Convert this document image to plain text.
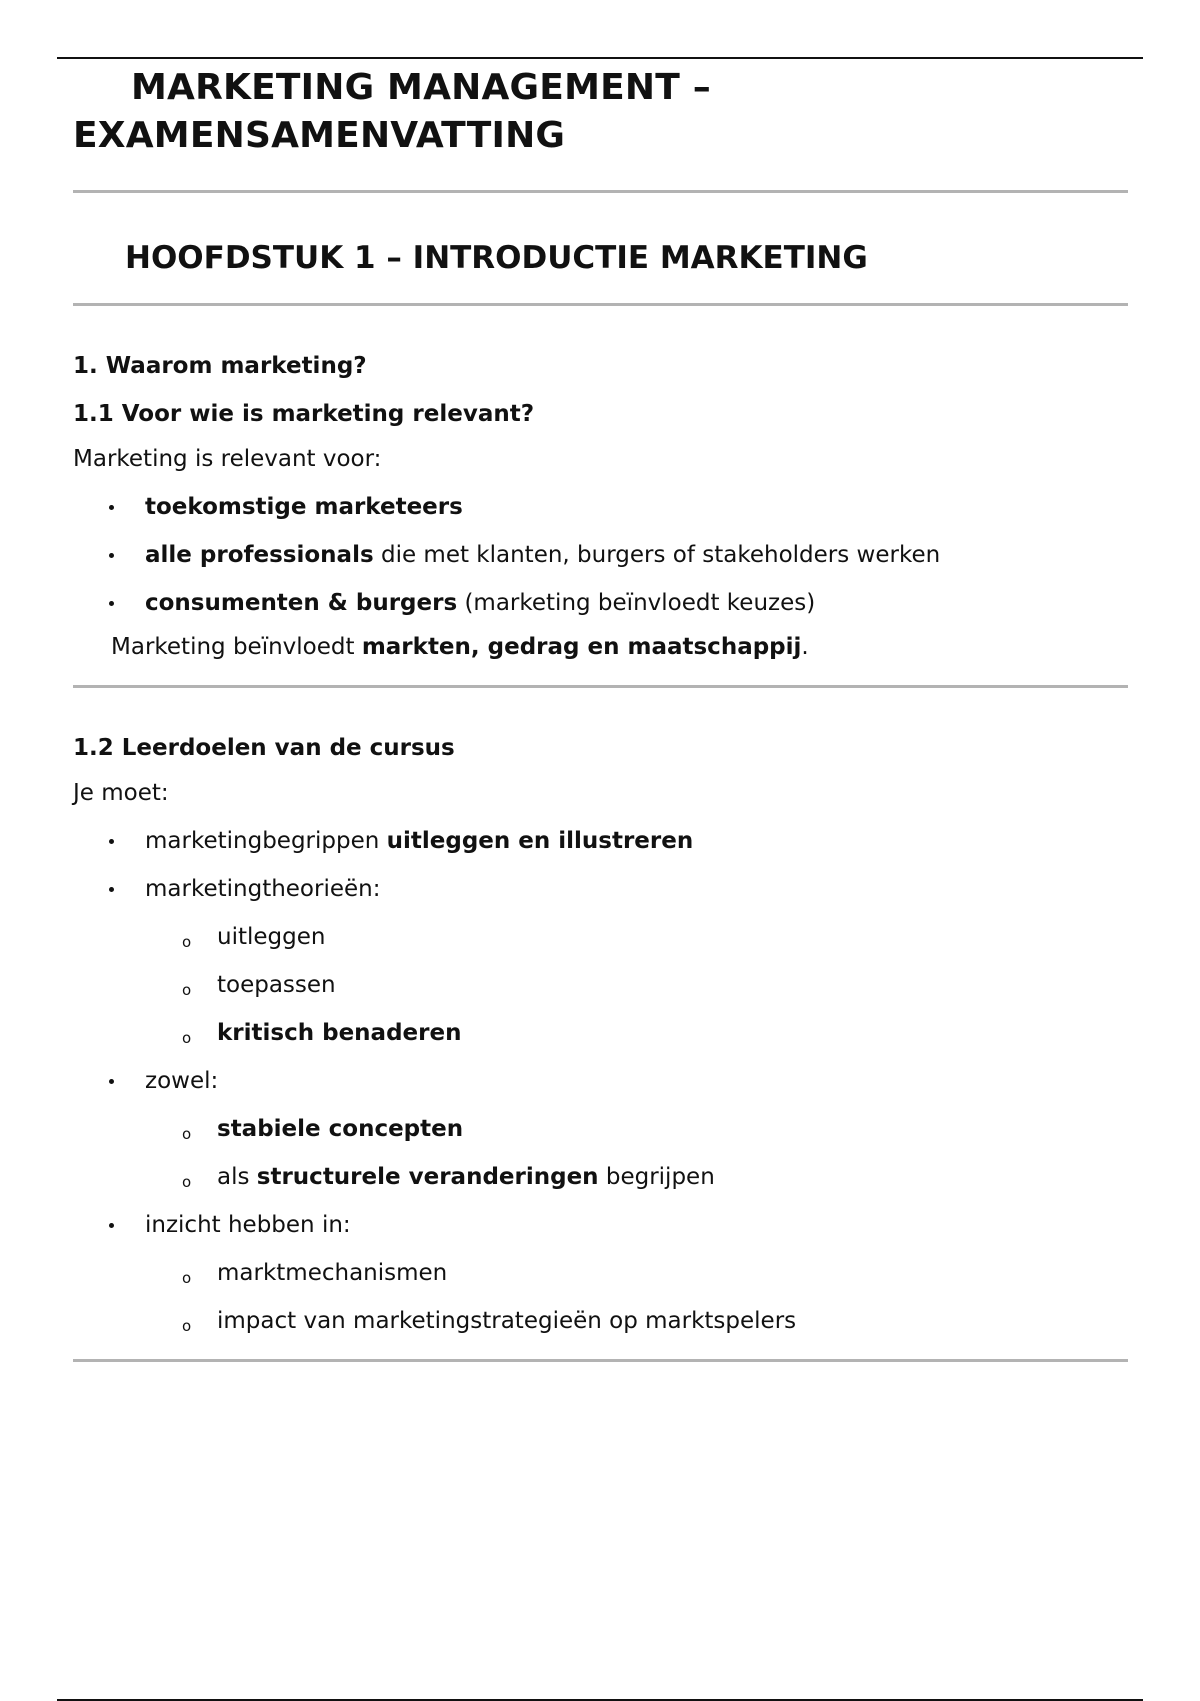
MARKETING MANAGEMENT –
EXAMENSAMENVATTING
HOOFDSTUK 1 – INTRODUCTIE MARKETING
1. Waarom marketing?
1.1 Voor wie is marketing relevant?
Marketing is relevant voor:
toekomstige marketeers
alle professionals die met klanten, burgers of stakeholders werken
consumenten & burgers (marketing beïnvloedt keuzes)
Marketing beïnvloedt markten, gedrag en maatschappij.
1.2 Leerdoelen van de cursus
Je moet:
marketingbegrippen uitleggen en illustreren
marketingtheorieën:
o uitleggen
o toepassen
o kritisch benaderen
zowel:
o stabiele concepten
o als structurele veranderingen begrijpen
inzicht hebben in:
o marktmechanismen
o impact van marketingstrategieën op marktspelers
